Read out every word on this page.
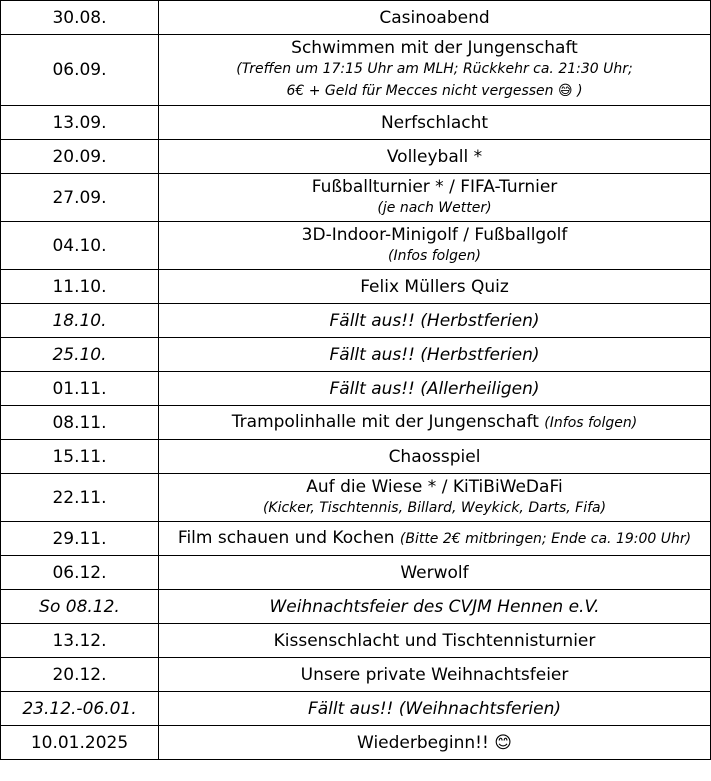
30.08.	Casinoabend
06.09.	Schwimmen mit der Jungenschaft
(Treffen um 17:15 Uhr am MLH; Rückkehr ca. 21:30 Uhr;
6€ + Geld für Mecces nicht vergessen 😅 )

13.09.	Nerfschlacht
20.09.	Volleyball *
27.09.	Fußballturnier * / FIFA-Turnier
(je nach Wetter)

04.10.	3D-Indoor-Minigolf / Fußballgolf
(Infos folgen)

11.10.	Felix Müllers Quiz
18.10.	Fällt aus!! (Herbstferien)
25.10.	Fällt aus!! (Herbstferien)
01.11.	Fällt aus!! (Allerheiligen)
08.11.	Trampolinhalle mit der Jungenschaft (Infos folgen)
15.11.	Chaosspiel
22.11.	Auf die Wiese * / KiTiBiWeDaFi
(Kicker, Tischtennis, Billard, Weykick, Darts, Fifa)

29.11.	Film schauen und Kochen (Bitte 2€ mitbringen; Ende ca. 19:00 Uhr)
06.12.	Werwolf
So 08.12.	Weihnachtsfeier des CVJM Hennen e.V.
13.12.	Kissenschlacht und Tischtennisturnier
20.12.	Unsere private Weihnachtsfeier
23.12.-06.01.	Fällt aus!! (Weihnachtsferien)
10.01.2025	Wiederbeginn!! 😊
